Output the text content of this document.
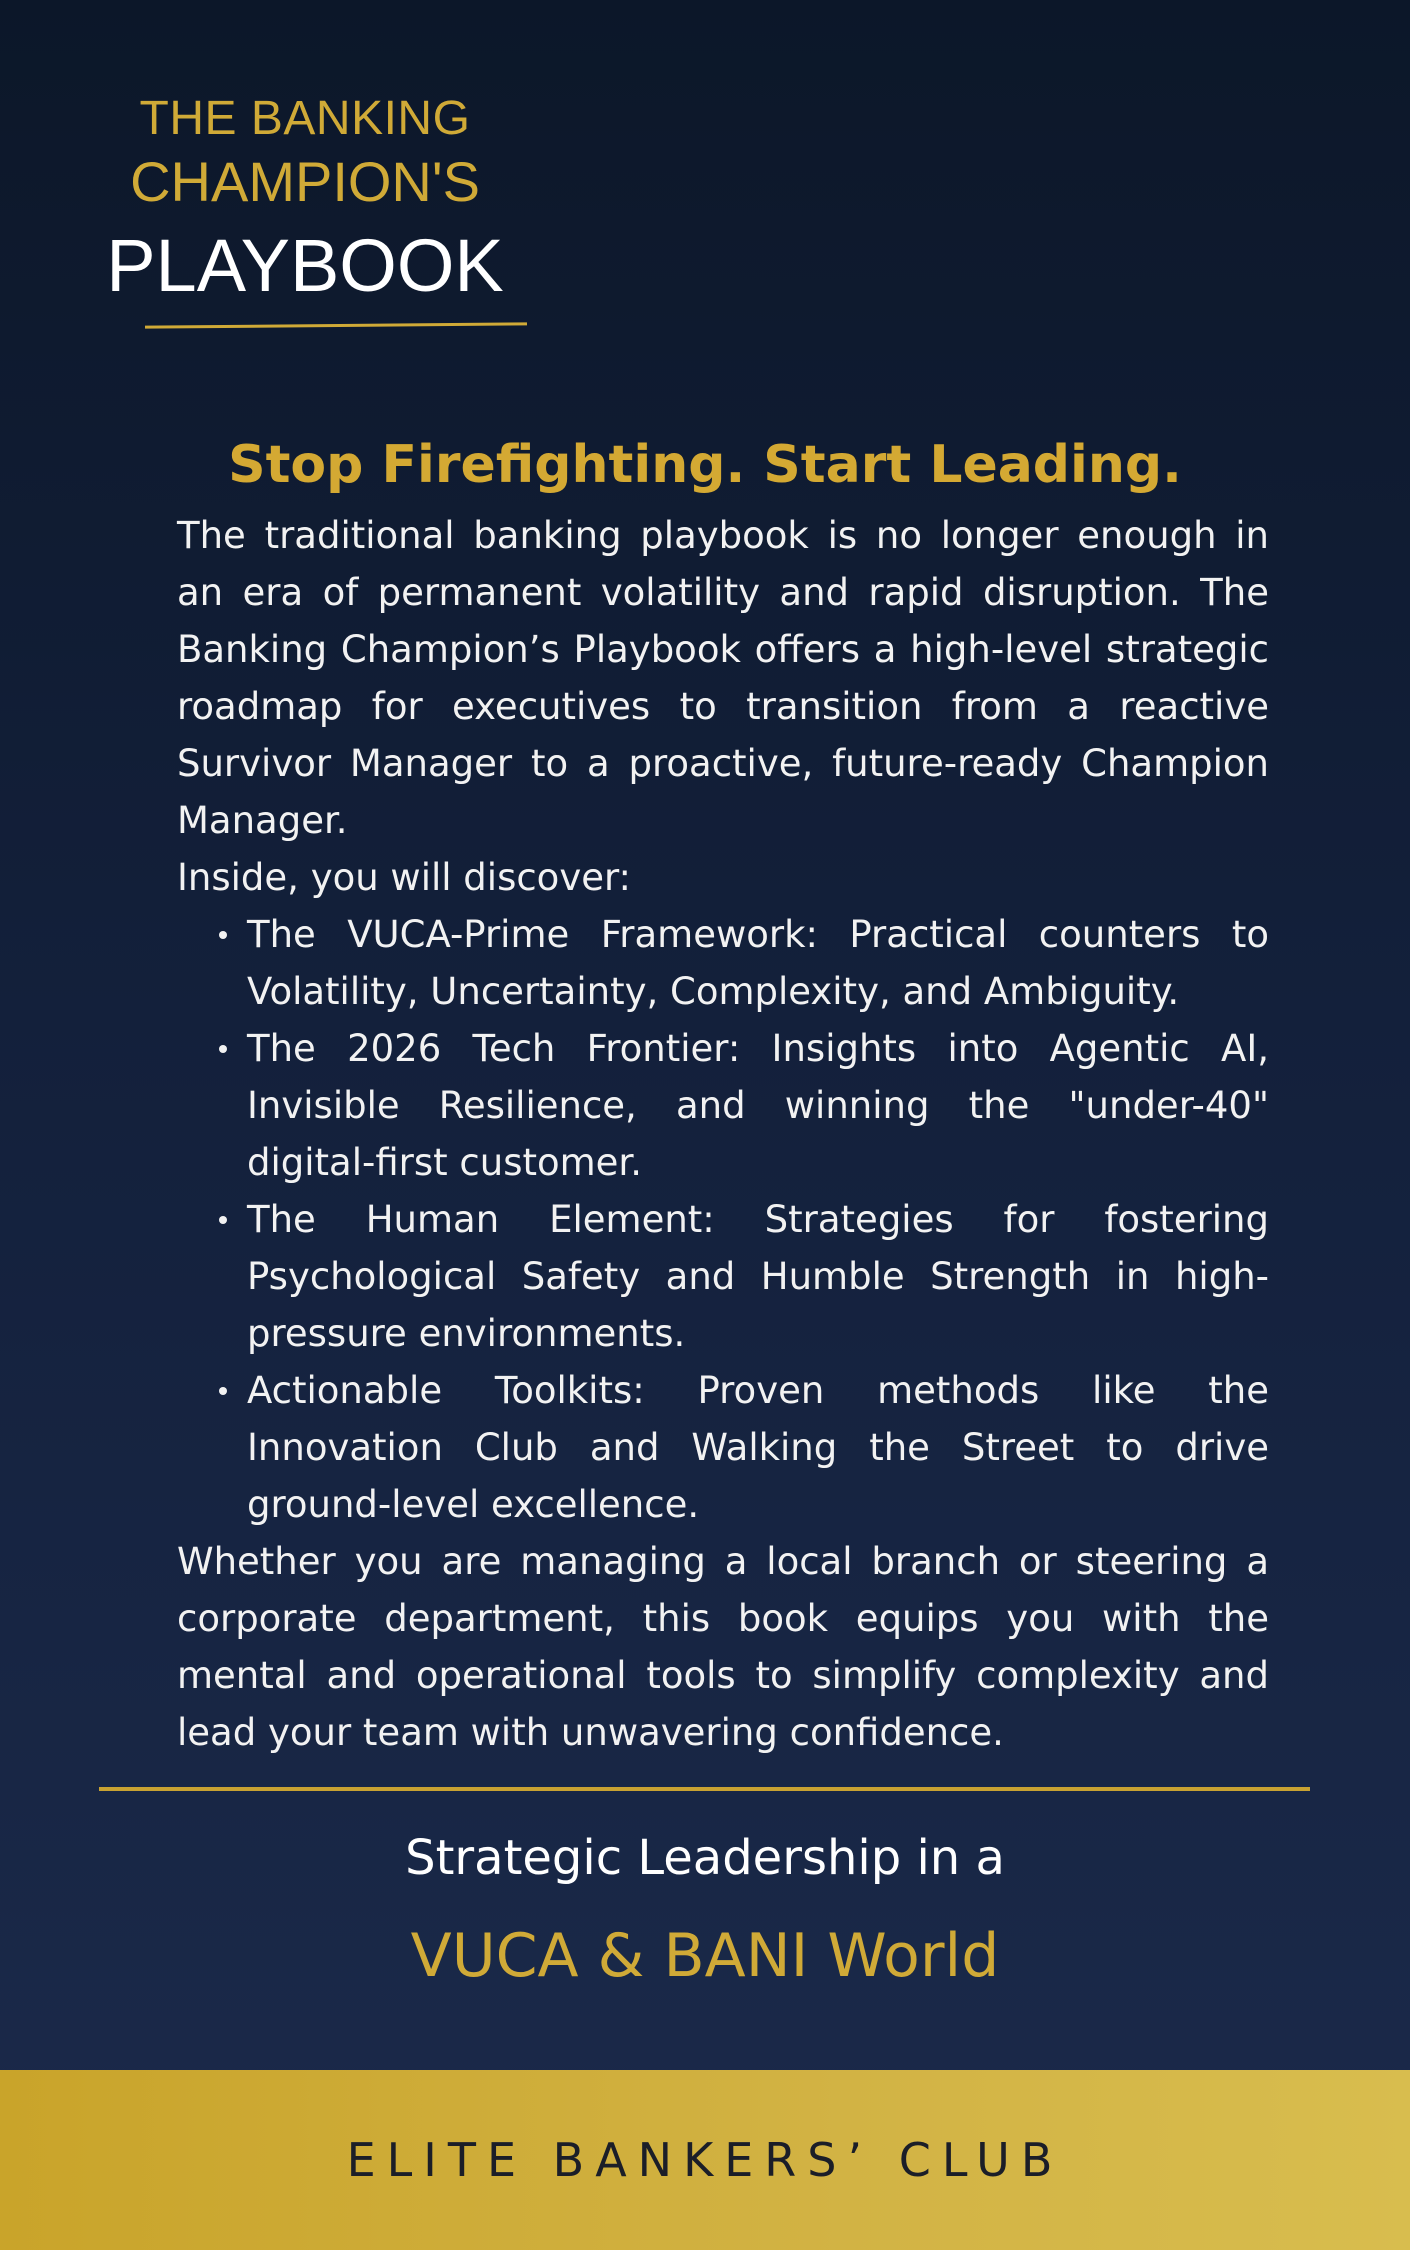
THE BANKING
CHAMPION'S
PLAYBOOK
Stop Firefighting. Start Leading.

The traditional banking playbook is no longer enough in an era of permanent volatility and rapid disruption. The Banking Champion’s Playbook offers a high-level strategic roadmap for executives to transition from a reactive Survivor Manager to a proactive, future-ready Champion Manager.

Inside, you will discover:

The VUCA-Prime Framework: Practical counters to Volatility, Uncertainty, Complexity, and Ambiguity.
The 2026 Tech Frontier: Insights into Agentic AI, Invisible Resilience, and winning the "under-40" digital-first customer.
The Human Element: Strategies for fostering Psychological Safety and Humble Strength in high-pressure environments.
Actionable Toolkits: Proven methods like the Innovation Club and Walking the Street to drive ground-level excellence.

Whether you are managing a local branch or steering a corporate department, this book equips you with the mental and operational tools to simplify complexity and lead your team with unwavering confidence.

Strategic Leadership in a
VUCA & BANI World
ELITE BANKERS’ CLUB
